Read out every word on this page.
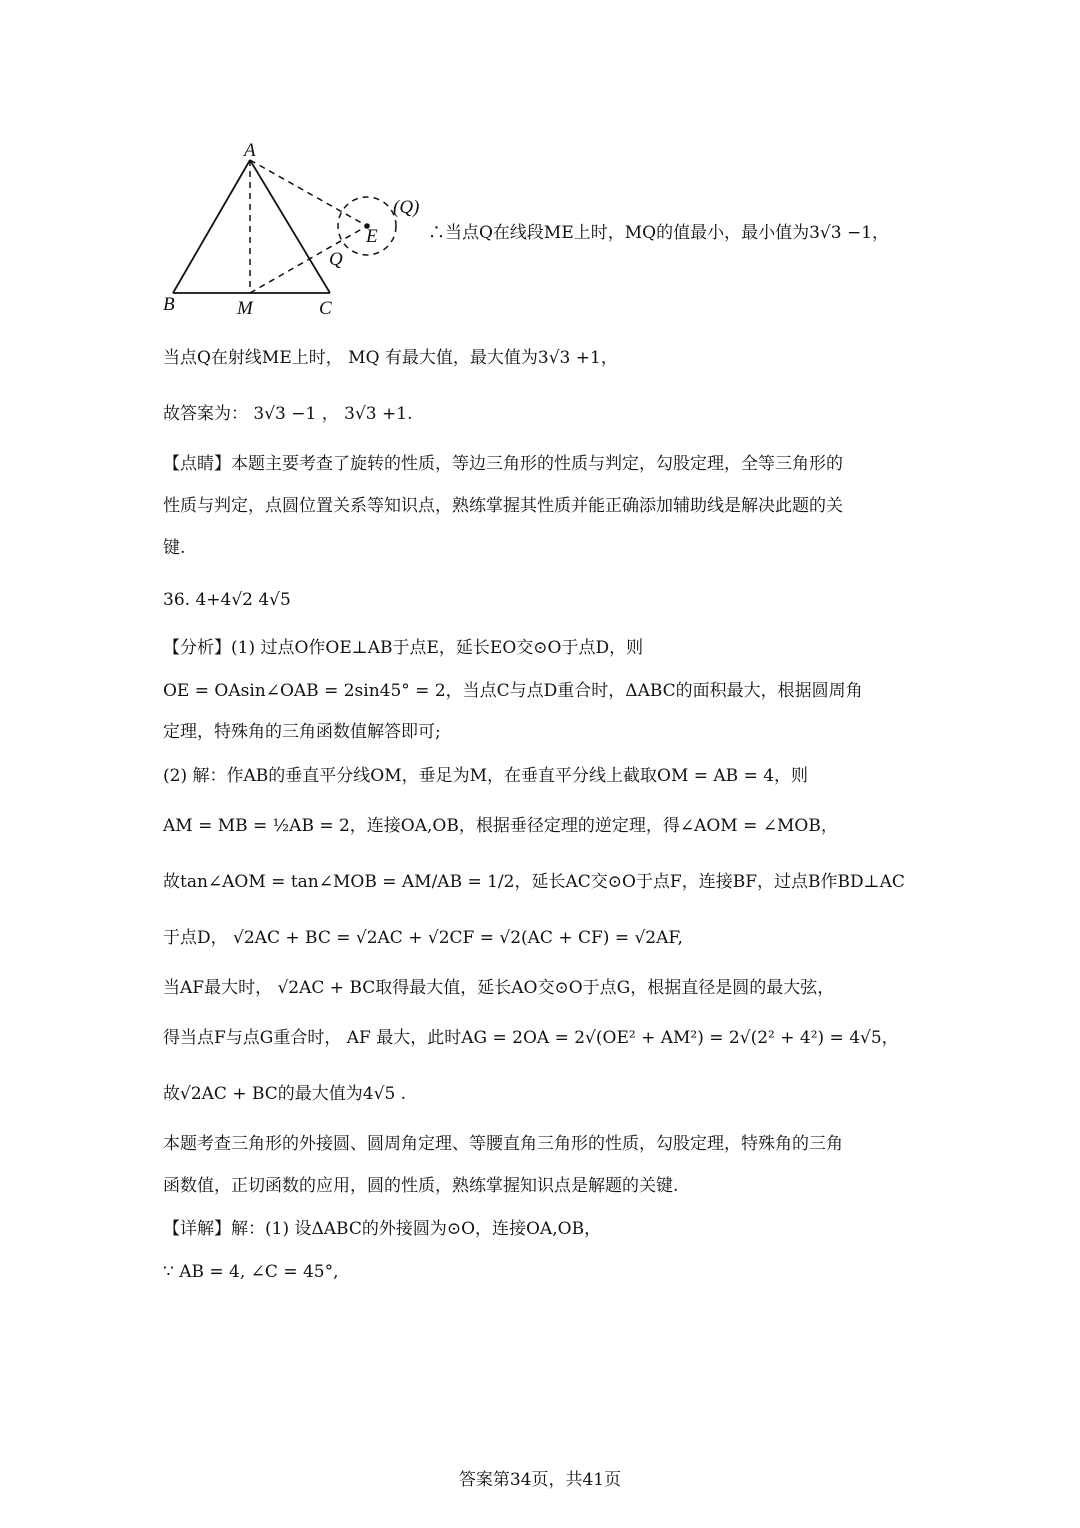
A
B	M	C
E
(Q)
Q
∴当点Q在线段ME上时，MQ的值最小，最小值为3√3 −1，
当点Q在射线ME上时， MQ 有最大值，最大值为3√3 +1，
故答案为： 3√3 −1 ， 3√3 +1.
【点睛】本题主要考查了旋转的性质，等边三角形的性质与判定，勾股定理，全等三角形的
性质与判定，点圆位置关系等知识点，熟练掌握其性质并能正确添加辅助线是解决此题的关
键.
36. 4+4√2 4√5
【分析】(1) 过点O作OE⊥AB于点E，延长EO交⊙O于点D，则
OE = OAsin∠OAB = 2sin45° = 2，当点C与点D重合时，ΔABC的面积最大，根据圆周角
定理，特殊角的三角函数值解答即可;
(2) 解：作AB的垂直平分线OM，垂足为M，在垂直平分线上截取OM = AB = 4，则
AM = MB = ½AB = 2，连接OA,OB，根据垂径定理的逆定理，得∠AOM = ∠MOB，
故tan∠AOM = tan∠MOB = AM/AB = 1/2，延长AC交⊙O于点F，连接BF，过点B作BD⊥AC
于点D， √2AC + BC = √2AC + √2CF = √2(AC + CF) = √2AF,
当AF最大时， √2AC + BC取得最大值，延长AO交⊙O于点G，根据直径是圆的最大弦，
得当点F与点G重合时， AF 最大，此时AG = 2OA = 2√(OE² + AM²) = 2√(2² + 4²) = 4√5，
故√2AC + BC的最大值为4√5 .
本题考查三角形的外接圆、圆周角定理、等腰直角三角形的性质，勾股定理，特殊角的三角
函数值，正切函数的应用，圆的性质，熟练掌握知识点是解题的关键.
【详解】解：(1) 设ΔABC的外接圆为⊙O，连接OA,OB，
∵ AB = 4, ∠C = 45°,
答案第34页，共41页
